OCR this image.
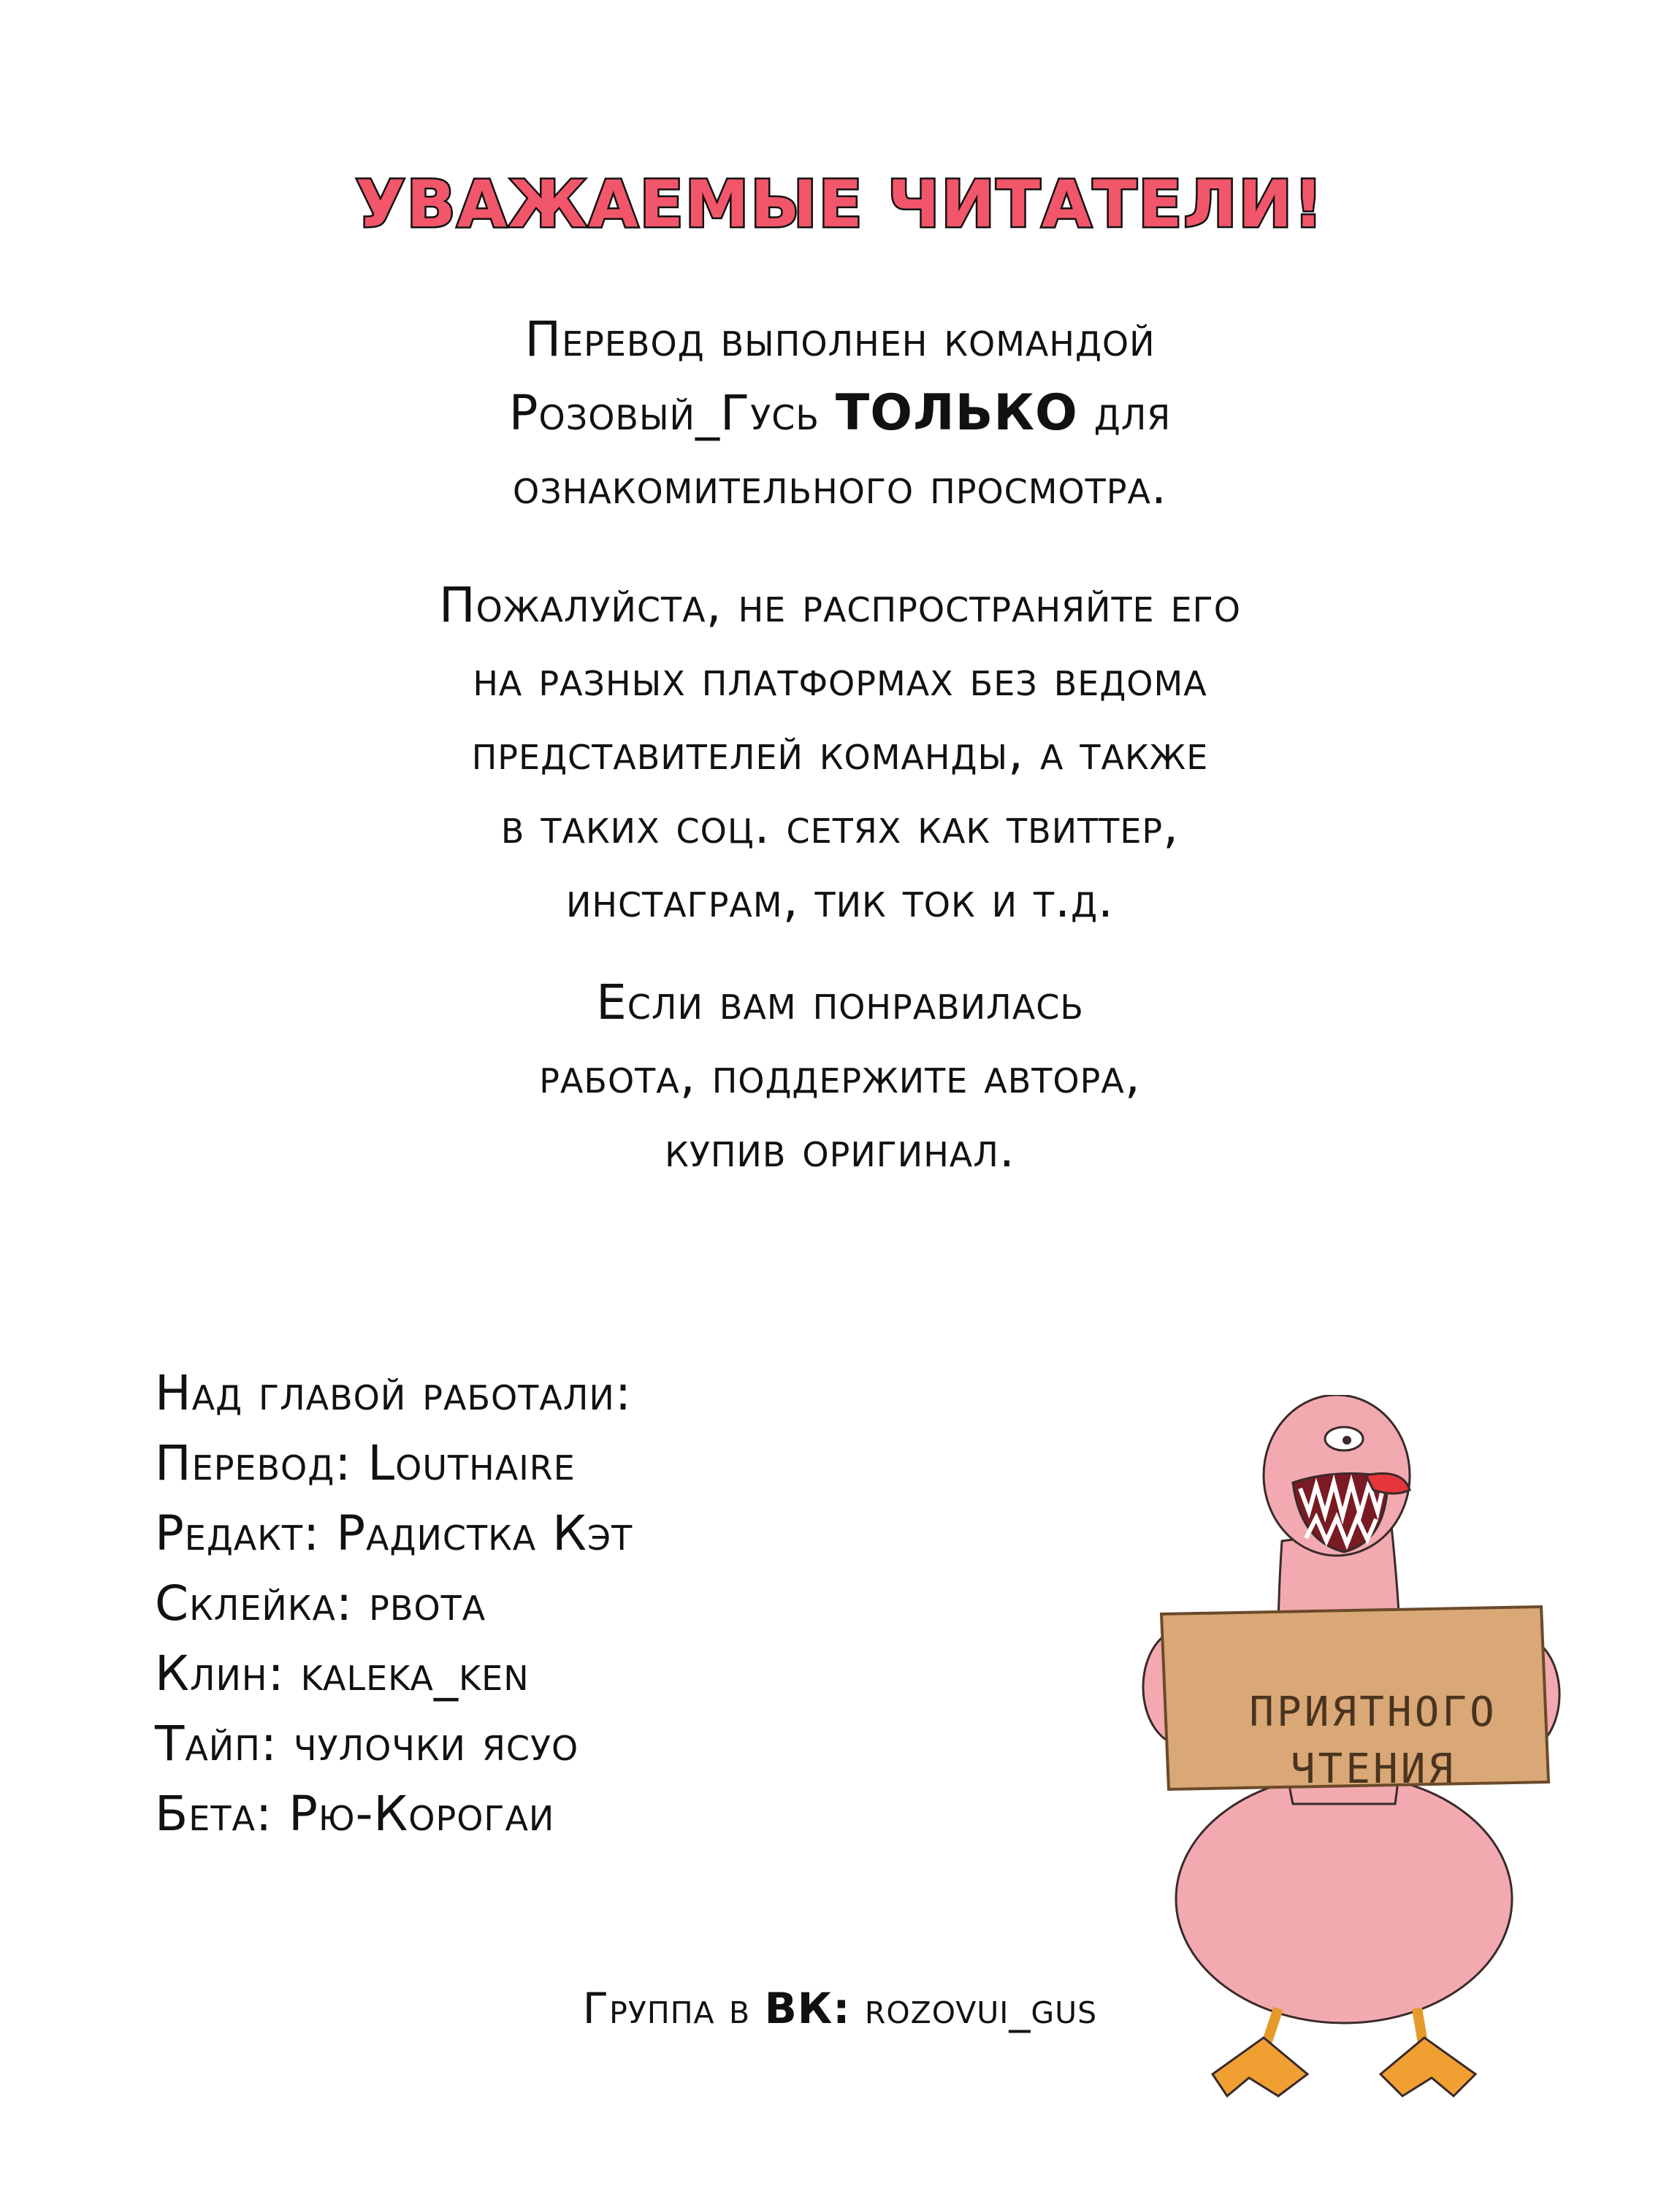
УВАЖАЕМЫЕ ЧИТАТЕЛИ!

Перевод выполнен командой

Розовый_Гусь ТОЛЬКО для

ознакомительного просмотра.

Пожалуйста, не распространяйте его

на разных платформах без ведома

представителей команды, а также

в таких соц. сетях как твиттер,

инстаграм, тик ток и т.д.

Если вам понравилась

работа, поддержите автора,

купив оригинал.

Над главой работали:
Перевод: Louthaire
Редакт: Радистка Кэт
Склейка: рвота
Клин: kaleka_ken
Тайп: чулочки ясуо
Бета: Рю-Корогаи
ПРИЯТНОГО
ЧТЕНИЯ
Группа в ВК: rozovui_gus
